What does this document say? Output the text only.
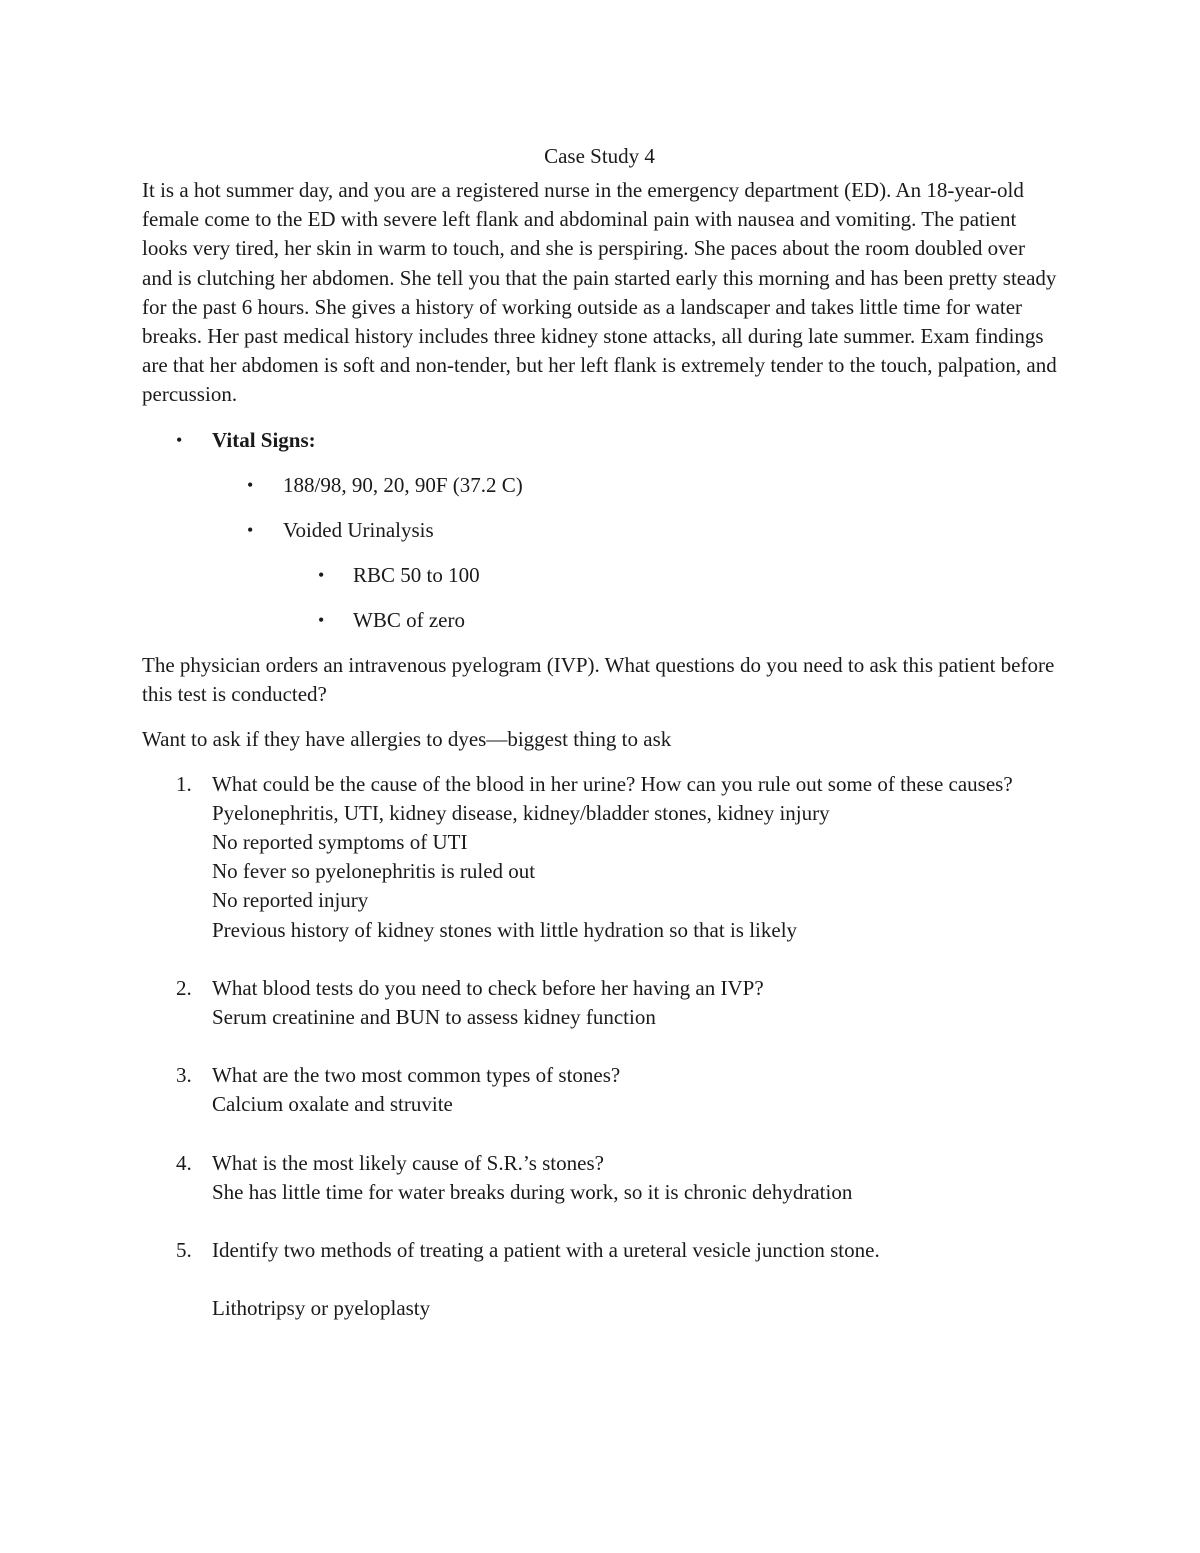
Case Study 4

It is a hot summer day, and you are a registered nurse in the emergency department (ED). An 18-year-old female come to the ED with severe left flank and abdominal pain with nausea and vomiting. The patient looks very tired, her skin in warm to touch, and she is perspiring. She paces about the room doubled over and is clutching her abdomen. She tell you that the pain started early this morning and has been pretty steady for the past 6 hours. She gives a history of working outside as a landscaper and takes little time for water breaks. Her past medical history includes three kidney stone attacks, all during late summer. Exam findings are that her abdomen is soft and non-tender, but her left flank is extremely tender to the touch, palpation, and percussion.

• Vital Signs:
• 188/98, 90, 20, 90F (37.2 C)
• Voided Urinalysis
• RBC 50 to 100
• WBC of zero

The physician orders an intravenous pyelogram (IVP). What questions do you need to ask this patient before this test is conducted?

Want to ask if they have allergies to dyes—biggest thing to ask

1. What could be the cause of the blood in her urine? How can you rule out some of these causes?
Pyelonephritis, UTI, kidney disease, kidney/bladder stones, kidney injury
No reported symptoms of UTI
No fever so pyelonephritis is ruled out
No reported injury
Previous history of kidney stones with little hydration so that is likely
2. What blood tests do you need to check before her having an IVP?
Serum creatinine and BUN to assess kidney function
3. What are the two most common types of stones?
Calcium oxalate and struvite
4. What is the most likely cause of S.R.’s stones?
She has little time for water breaks during work, so it is chronic dehydration
5. Identify two methods of treating a patient with a ureteral vesicle junction stone.
Lithotripsy or pyeloplasty
